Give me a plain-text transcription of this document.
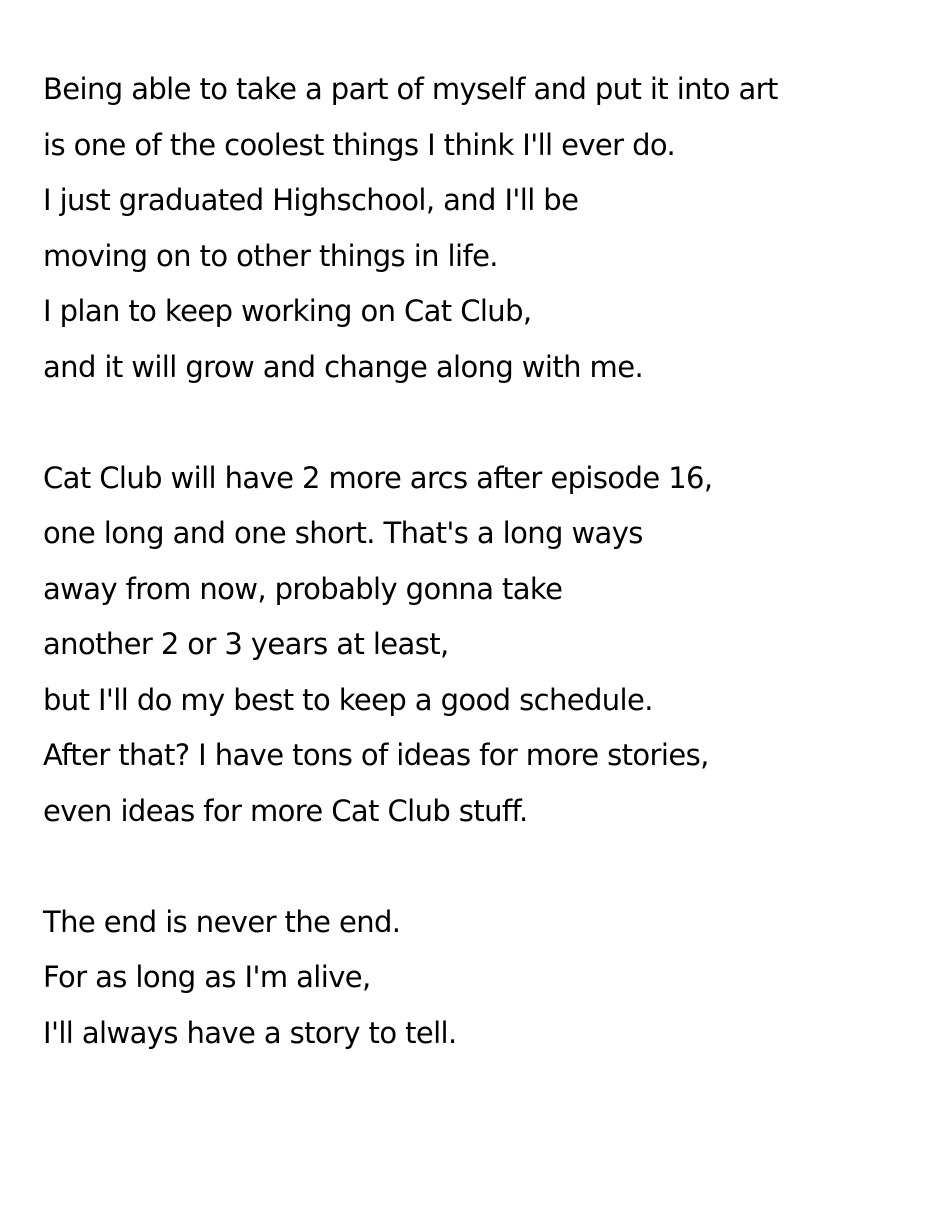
Being able to take a part of myself and put it into art
is one of the coolest things I think I'll ever do.
I just graduated Highschool, and I'll be
moving on to other things in life.
I plan to keep working on Cat Club,
and it will grow and change along with me.

Cat Club will have 2 more arcs after episode 16,
one long and one short. That's a long ways
away from now, probably gonna take
another 2 or 3 years at least,
but I'll do my best to keep a good schedule.
After that? I have tons of ideas for more stories,
even ideas for more Cat Club stuff.

The end is never the end.
For as long as I'm alive,
I'll always have a story to tell.
